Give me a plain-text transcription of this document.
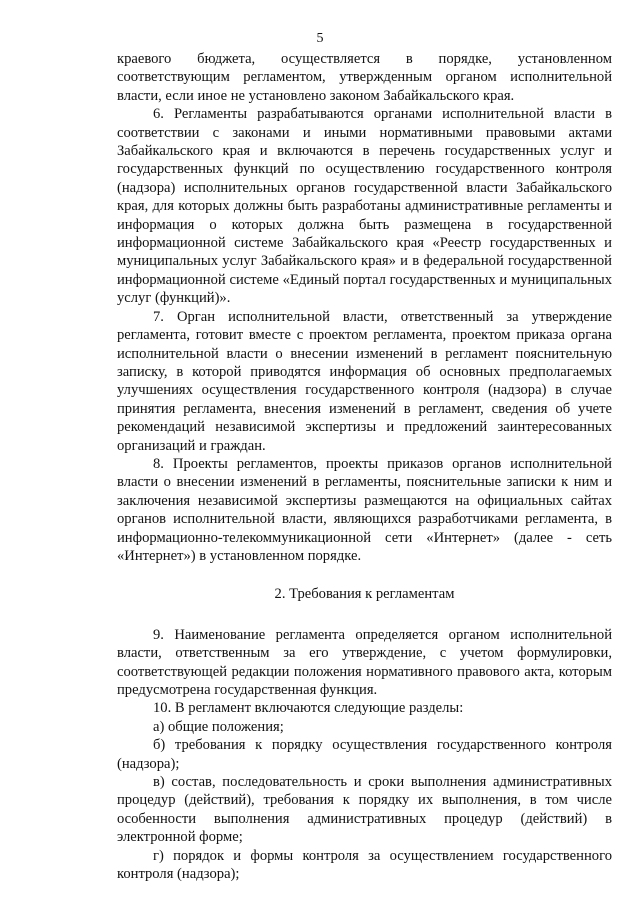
5

краевого бюджета, осуществляется в порядке, установленном соответствующим регламентом, утвержденным органом исполнительной власти, если иное не установлено законом Забайкальского края.

6. Регламенты разрабатываются органами исполнительной власти в соответствии с законами и иными нормативными правовыми актами Забайкальского края и включаются в перечень государственных услуг и государственных функций по осуществлению государственного контроля (надзора) исполнительных органов государственной власти Забайкальского края, для которых должны быть разработаны административные регламенты и информация о которых должна быть размещена в государственной информационной системе Забайкальского края «Реестр государственных и муниципальных услуг Забайкальского края» и в федеральной государственной информационной системе «Единый портал государственных и муниципальных услуг (функций)».

7. Орган исполнительной власти, ответственный за утверждение регламента, готовит вместе с проектом регламента, проектом приказа органа исполнительной власти о внесении изменений в регламент пояснительную записку, в которой приводятся информация об основных предполагаемых улучшениях осуществления государственного контроля (надзора) в случае принятия регламента, внесения изменений в регламент, сведения об учете рекомендаций независимой экспертизы и предложений заинтересованных организаций и граждан.

8. Проекты регламентов, проекты приказов органов исполнительной власти о внесении изменений в регламенты, пояснительные записки к ним и заключения независимой экспертизы размещаются на официальных сайтах органов исполнительной власти, являющихся разработчиками регламента, в информационно-телекоммуникационной сети «Интернет» (далее - сеть «Интернет») в установленном порядке.

2. Требования к регламентам

9. Наименование регламента определяется органом исполнительной власти, ответственным за его утверждение, с учетом формулировки, соответствующей редакции положения нормативного правового акта, которым предусмотрена государственная функция.

10. В регламент включаются следующие разделы:

а) общие положения;

б) требования к порядку осуществления государственного контроля (надзора);

в) состав, последовательность и сроки выполнения административных процедур (действий), требования к порядку их выполнения, в том числе особенности выполнения административных процедур (действий) в электронной форме;

г) порядок и формы контроля за осуществлением государственного контроля (надзора);
